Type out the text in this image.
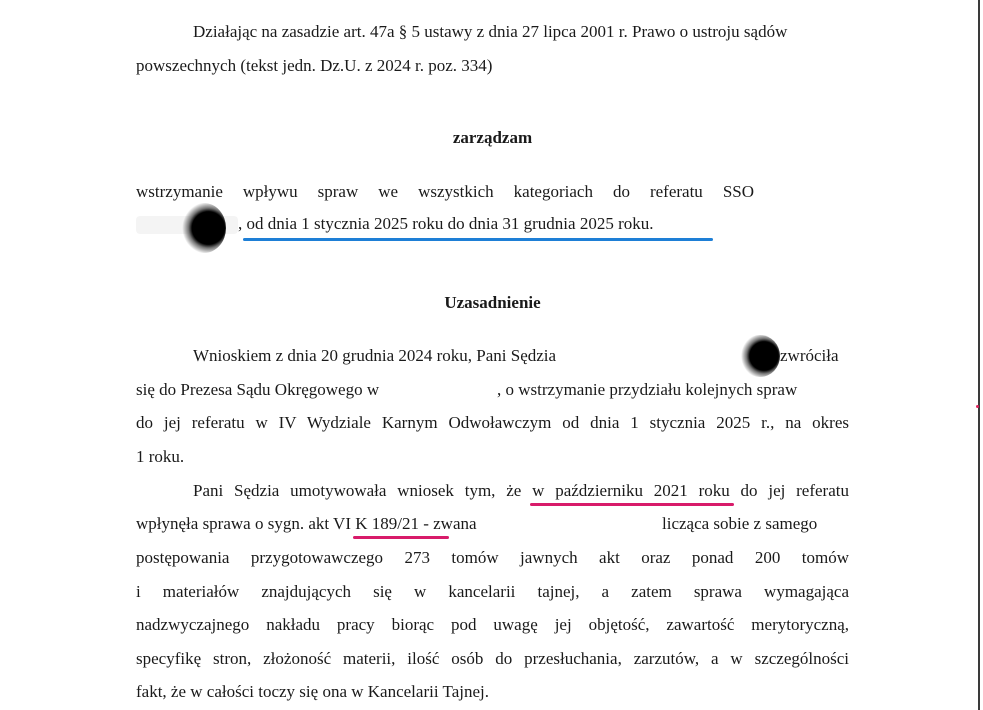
Działając na zasadzie art. 47a § 5 ustawy z dnia 27 lipca 2001 r. Prawo o ustroju sądów
powszechnych (tekst jedn. Dz.U. z 2024 r. poz. 334)
zarządzam
wstrzymanie wpływu spraw we wszystkich kategoriach do referatu SSO
, od dnia 1 stycznia 2025 roku do dnia 31 grudnia 2025 roku.
Uzasadnienie
Wnioskiem z dnia 20 grudnia 2024 roku, Pani Sędzia	zwróciła
się do Prezesa Sądu Okręgowego w	, o wstrzymanie przydziału kolejnych spraw
do jej referatu w IV Wydziale Karnym Odwoławczym od dnia 1 stycznia 2025 r., na okres
1 roku.
Pani Sędzia umotywowała wniosek tym, że w październiku 2021 roku do jej referatu
wpłynęła sprawa o sygn. akt VI K 189/21 - zwana	licząca sobie z samego
postępowania przygotowawczego 273 tomów jawnych akt oraz ponad 200 tomów
i materiałów znajdujących się w kancelarii tajnej, a zatem sprawa wymagająca
nadzwyczajnego nakładu pracy biorąc pod uwagę jej objętość, zawartość merytoryczną,
specyfikę stron, złożoność materii, ilość osób do przesłuchania, zarzutów, a w szczególności
fakt, że w całości toczy się ona w Kancelarii Tajnej.
